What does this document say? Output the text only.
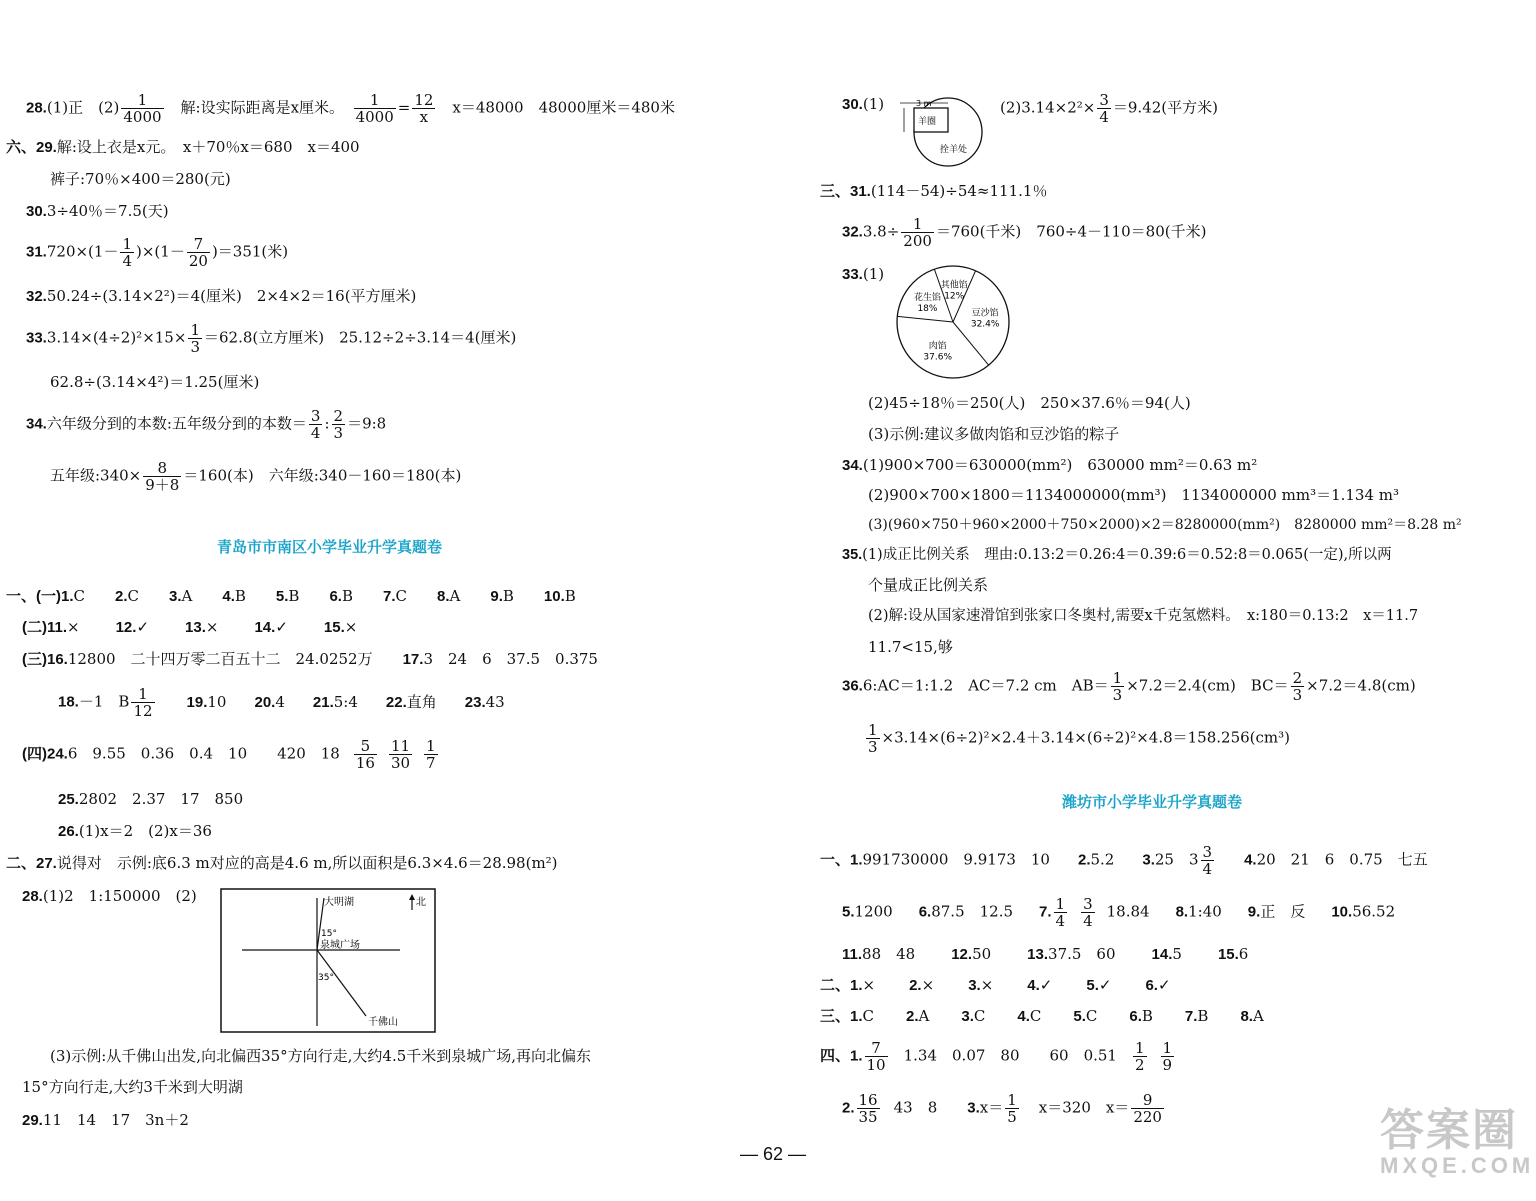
28.(1)正　$(2) \frac{1}{4000}$ 　解:设实际距离是x厘米。　 $\frac{1}{4000} = \frac{12}{x}$ 　x＝48000　48000厘米＝480米
六、29.解:设上衣是x元。　x＋70％x＝680　x＝400
裤子:70％×400＝280(元)
30.3÷40％＝7.5(天)
$31.720\times(1- \frac{1}{4} )\times(1- \frac{7}{20} )=351$(米)
32.50.24÷(3.14×2²)＝4(厘米)　2×4×2＝16(平方厘米)
$33.3.14\times(4\div 2)^2\times 15\times \frac{1}{3} =62.8$(立方厘米)　25.12÷2÷3.14＝4(厘米)
62.8÷(3.14×4²)＝1.25(厘米)
34.六年级分到的本数:五年级分到的本数＝ $\frac{3}{4}$ : $\frac{2}{3}$ ＝9:8
五年级:340× $\frac{8}{9+8} =160$(本)　六年级:340－160＝180(本)
青岛市市南区小学毕业升学真题卷
一、(一)1.C 2.C 3.A 4.B 5.B 6.B 7.C 8.A 9.B 10.B
(二)11.× 12.✓ 13.× 14.✓ 15.×
(三)16.12800　二十四万零二百五十二　24.0252万 17.3　24　6　37.5　0.375
18.－1　B $\frac{1}{12} 19.10$ 20.4 21.5:4 22.直角 23.43
(四)24.6　9.55　0.36　0.4　10　　420　$18 \frac{5}{16} \frac{11}{30} \frac{1}{7}$
25.2802　2.37　17　850
26.(1)x＝2　(2)x＝36
二、27.说得对　示例:底6.3 m对应的高是4.6 m,所以面积是6.3×4.6＝28.98(m²)
28.(1)2　1:150000　(2)	大明湖	北
15°
泉城广场
35°
千佛山
(3)示例:从千佛山出发,向北偏西35°方向行走,大约4.5千米到泉城广场,再向北偏东
15°方向行走,大约3千米到大明湖
29.11　14　17　3n＋2
30.(1)	3 m
羊圈
拴羊处
$(2)3.14\times 2^2\times \frac{3}{4} =9.42$(平方米)
三、31.(114－54)÷54≈111.1％
$32.3.8\div \frac{1}{200} =760$(千米)　760÷4－110＝80(千米)
33.(1)
其他馅
12%
豆沙馅
32.4%
肉馅
37.6%
花生馅
18%
(2)45÷18％＝250(人)　250×37.6％＝94(人)
(3)示例:建议多做肉馅和豆沙馅的粽子
34.(1)900×700＝630000(mm²)　630000 mm²＝0.63 m²
(2)900×700×1800＝1134000000(mm³)　1134000000 mm³＝1.134 m³
(3)(960×750＋960×2000＋750×2000)×2＝8280000(mm²)　8280000 mm²＝8.28 m²
35.(1)成正比例关系　理由:0.13:2＝0.26:4＝0.39:6＝0.52:8＝0.065(一定),所以两
个量成正比例关系
(2)解:设从国家速滑馆到张家口冬奥村,需要x千克氢燃料。　x:180＝0.13:2　x＝11.7
11.7<15,够
36.6:AC＝1:1.2　AC＝7.2 cm　$AB= \frac{1}{3} \times 7.2=2.4(cm)$　$BC= \frac{2}{3} \times 7.2=4.8(cm)$
$\frac{1}{3} \times 3.14\times(6\div 2)^2\times 2.4+3.14\times(6\div 2)^2\times 4.8=158.256(cm^3)$
潍坊市小学毕业升学真题卷
一、1.991730000　9.9173　10 2.5.2 3.25　$3 \frac{3}{4} 4.20$　21　6　0.75　七五
5.1200 6.87.5　12.5 7. $\frac{1}{4} \frac{3}{4} 18.84$ 8.1:40 9.正　反 10.56.52
11.88　48 12.50 13.37.5　60 14.5 15.6
二、1.× 2.× 3.× 4.✓ 5.✓ 6.✓
三、1.C 2.A 3.C 4.C 5.C 6.B 7.B 8.A
四、1. $\frac{7}{10} 1.34$　0.07　80　　60　$0.51 \frac{1}{2} \frac{1}{9}$
2. $\frac{16}{35} 43$　8 $3.x= \frac{1}{5} x=320$　$x= \frac{9}{220}$
— 62 —	答案圈
MXQE.COM
